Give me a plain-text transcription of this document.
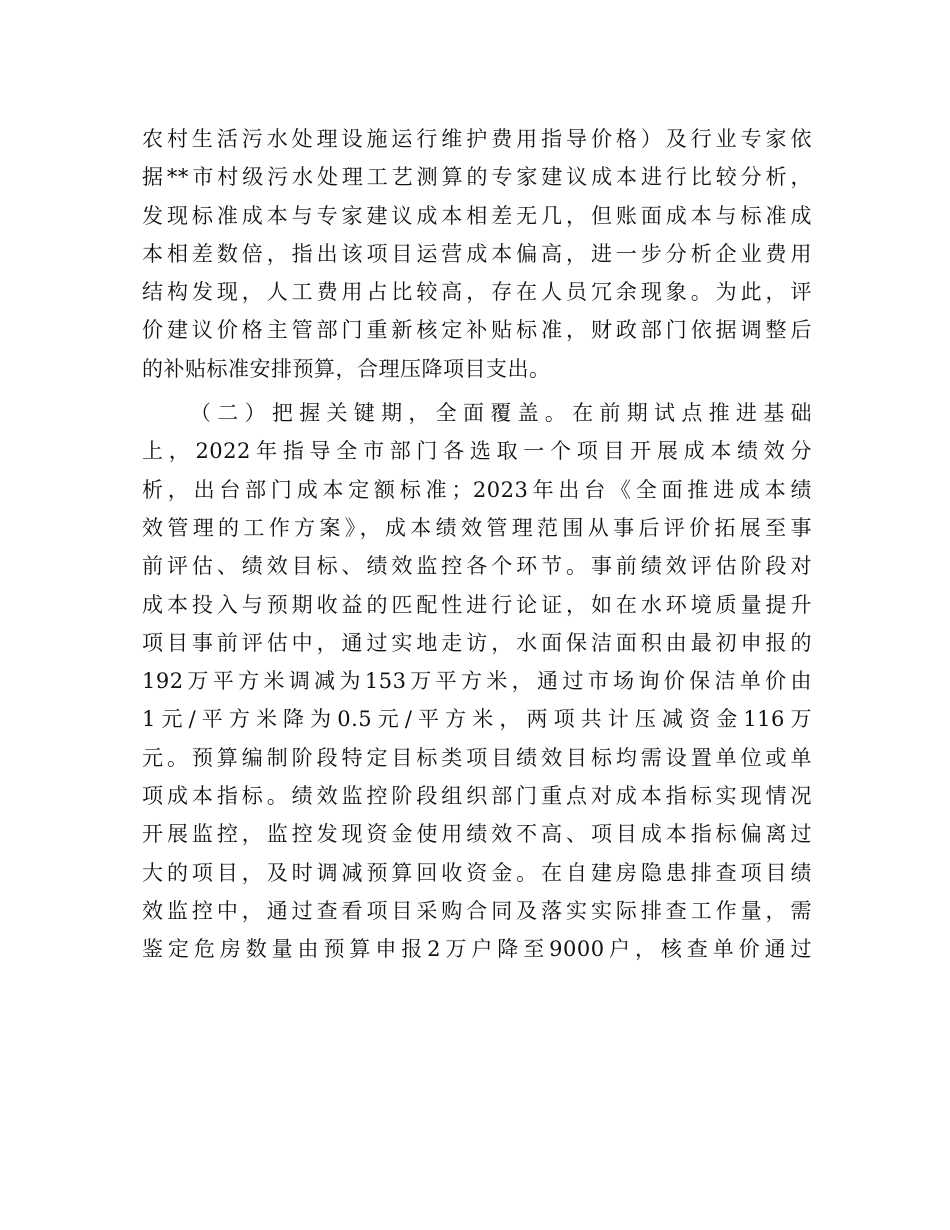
农村生活污水处理设施运行维护费用指导价格）及行业专家依
据**市村级污水处理工艺测算的专家建议成本进行比较分析，
发现标准成本与专家建议成本相差无几，但账面成本与标准成
本相差数倍，指出该项目运营成本偏高，进一步分析企业费用
结构发现，人工费用占比较高，存在人员冗余现象。为此，评
价建议价格主管部门重新核定补贴标准，财政部门依据调整后
的补贴标准安排预算，合理压降项目支出。
（二）把握关键期，全面覆盖。在前期试点推进基础
上，2022年指导全市部门各选取一个项目开展成本绩效分
析，出台部门成本定额标准；2023年出台《全面推进成本绩
效管理的工作方案》，成本绩效管理范围从事后评价拓展至事
前评估、绩效目标、绩效监控各个环节。事前绩效评估阶段对
成本投入与预期收益的匹配性进行论证，如在水环境质量提升
项目事前评估中，通过实地走访，水面保洁面积由最初申报的
192万平方米调减为153万平方米，通过市场询价保洁单价由
1元/平方米降为0.5元/平方米，两项共计压减资金116万
元。预算编制阶段特定目标类项目绩效目标均需设置单位或单
项成本指标。绩效监控阶段组织部门重点对成本指标实现情况
开展监控，监控发现资金使用绩效不高、项目成本指标偏离过
大的项目，及时调减预算回收资金。在自建房隐患排查项目绩
效监控中，通过查看项目采购合同及落实实际排查工作量，需
鉴定危房数量由预算申报2万户降至9000户，核查单价通过
